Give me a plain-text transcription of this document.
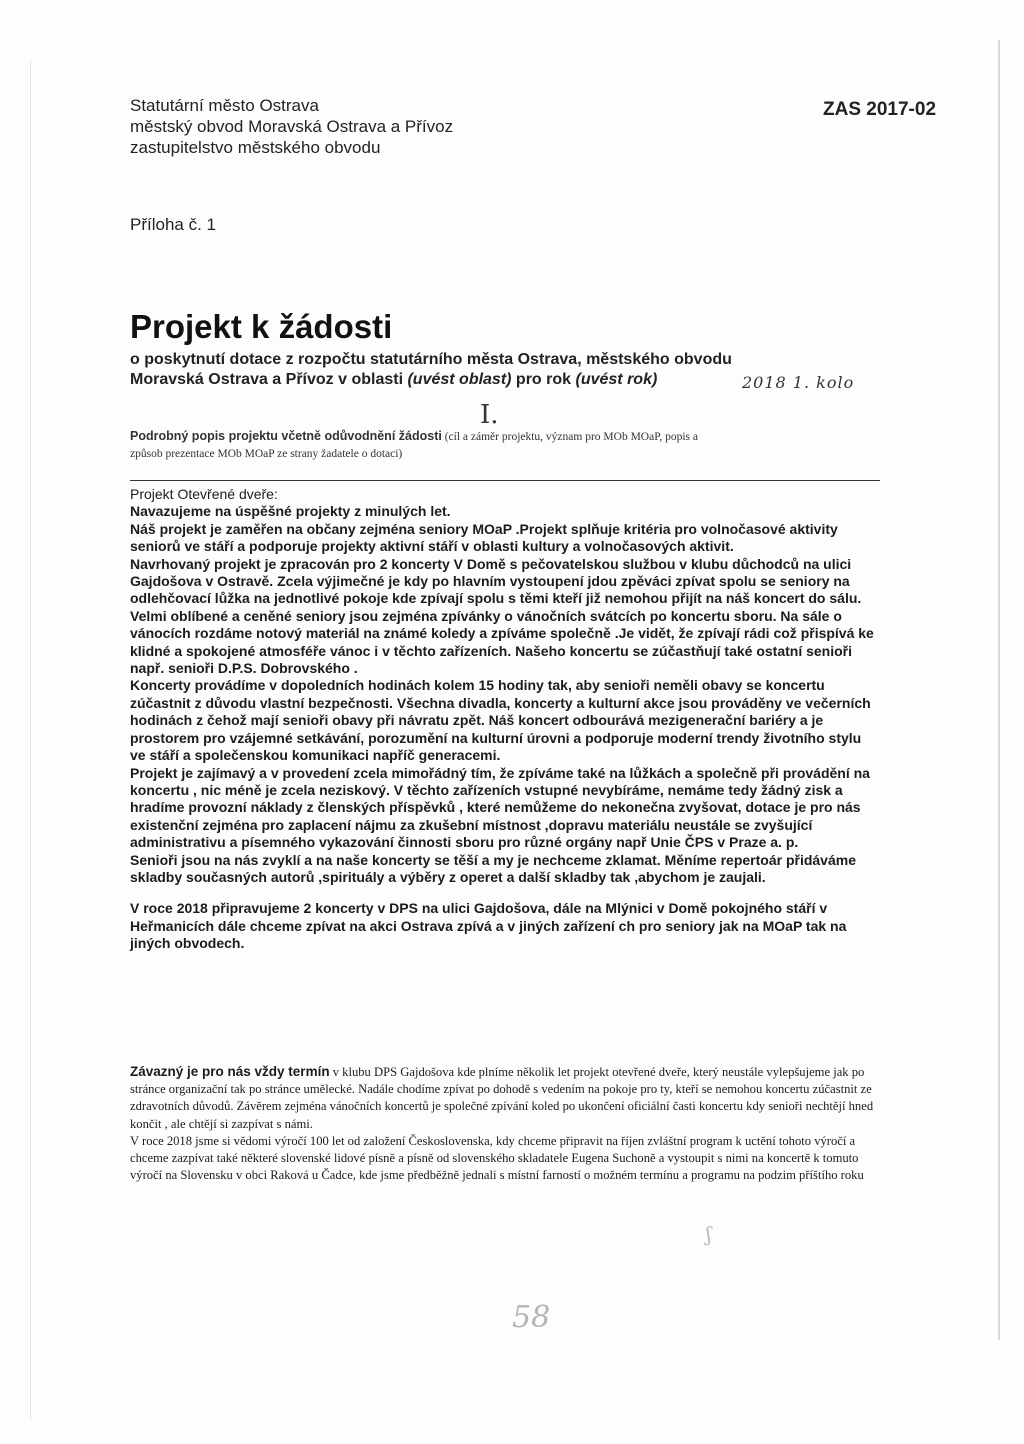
Statutární město Ostrava
městský obvod Moravská Ostrava a Přívoz
zastupitelstvo městského obvodu
ZAS 2017-02
Příloha č. 1
Projekt k žádosti
o poskytnutí dotace z rozpočtu statutárního města Ostrava, městského obvodu
Moravská Ostrava a Přívoz v oblasti (uvést oblast) pro rok (uvést rok)	2018 1. kolo
I.
Podrobný popis projektu včetně odůvodnění žádosti (cíl a záměr projektu, význam pro MOb MOaP, popis a
způsob prezentace MOb MOaP ze strany žadatele o dotaci)

Projekt Otevřené dveře:

Navazujeme na úspěšné projekty z minulých let.

Náš projekt je zaměřen na občany zejména seniory MOaP .Projekt splňuje kritéria pro volnočasové aktivity seniorů ve stáří a podporuje projekty aktivní stáří v oblasti kultury a volnočasových aktivit.

Navrhovaný projekt je zpracován pro 2 koncerty V Domě s pečovatelskou službou v klubu důchodců na ulici Gajdošova v Ostravě. Zcela výjimečné je kdy po hlavním vystoupení jdou zpěváci zpívat spolu se seniory na odlehčovací lůžka na jednotlivé pokoje kde zpívají spolu s těmi kteří již nemohou přijít na náš koncert do sálu. Velmi oblíbené a ceněné seniory jsou zejména zpívánky o vánočních svátcích po koncertu sboru. Na sále o vánocích rozdáme notový materiál na známé koledy a zpíváme společně .Je vidět, že zpívají rádi což přispívá ke klidné a spokojené atmosféře vánoc i v těchto zařízeních. Našeho koncertu se zúčastňují také ostatní senioři např. senioři D.P.S. Dobrovského .

Koncerty provádíme v dopoledních hodinách kolem 15 hodiny tak, aby senioři neměli obavy se koncertu zúčastnit z důvodu vlastní bezpečnosti. Všechna divadla, koncerty a kulturní akce jsou prováděny ve večerních hodinách z čehož mají senioři obavy při návratu zpět. Náš koncert odbourává mezigenerační bariéry a je prostorem pro vzájemné setkávání, porozumění na kulturní úrovni a podporuje moderní trendy životního stylu ve stáří a společenskou komunikaci napříč generacemi.

Projekt je zajímavý a v provedení zcela mimořádný tím, že zpíváme také na lůžkách a společně při provádění na koncertu , nic méně je zcela neziskový. V těchto zařízeních vstupné nevybíráme, nemáme tedy žádný zisk a hradíme provozní náklady z členských příspěvků , které nemůžeme do nekonečna zvyšovat, dotace je pro nás existenční zejména pro zaplacení nájmu za zkušební místnost ,dopravu materiálu neustále se zvyšující administrativu a písemného vykazování činnosti sboru pro různé orgány např Unie ČPS v Praze a. p.

Senioři jsou na nás zvyklí a na naše koncerty se těší a my je nechceme zklamat. Měníme repertoár přidáváme skladby současných autorů ,spirituály a výběry z operet a další skladby tak ,abychom je zaujali.

V roce 2018 připravujeme 2 koncerty v DPS na ulici Gajdošova, dále na Mlýnici v Domě pokojného stáří v Heřmanicích dále chceme zpívat na akci Ostrava zpívá a v jiných zařízení ch pro seniory jak na MOaP tak na jiných obvodech.

Závazný je pro nás vždy termín v klubu DPS Gajdošova kde plníme několik let projekt otevřené dveře, který neustále vylepšujeme jak po stránce organizační tak po stránce umělecké. Nadále chodíme zpívat po dohodě s vedením na pokoje pro ty, kteří se nemohou koncertu zúčastnit ze zdravotních důvodů. Závěrem zejména vánočních koncertů je společné zpívání koled po ukončení oficiální časti koncertu kdy senioři nechtějí hned končit , ale chtějí si zazpívat s námi.

V roce 2018 jsme si vědomi výročí 100 let od založení Československa, kdy chceme připravit na říjen zvláštní program k uctění tohoto výročí a chceme zazpívat také některé slovenské lidové písně a písně od slovenského skladatele Eugena Suchoně a vystoupit s nimi na koncertě k tomuto výročí na Slovensku v obci Raková u Čadce, kde jsme předběžně jednali s místní farností o možném termínu a programu na podzim příštího roku

ʃ
58
